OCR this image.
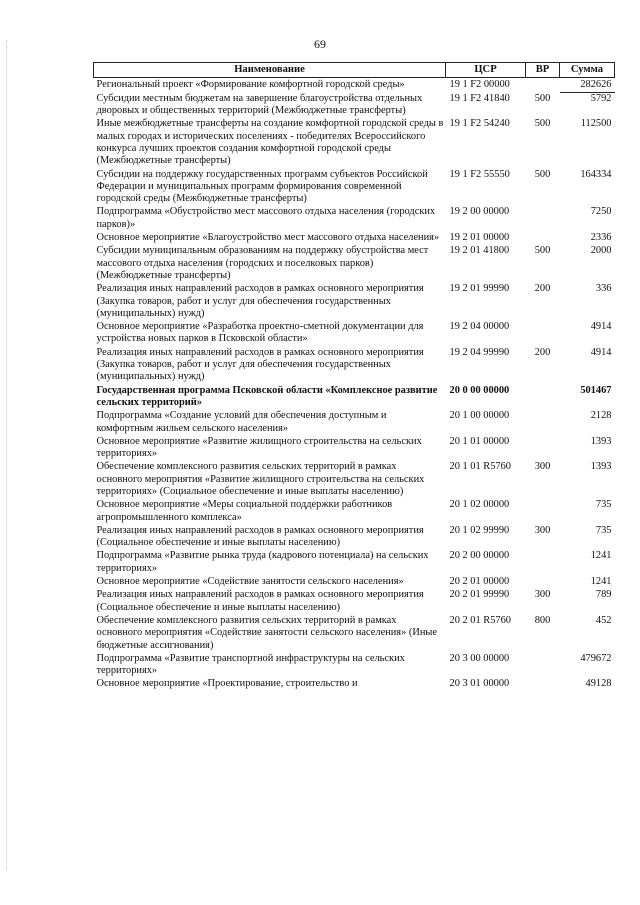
69
Наименование	ЦСР	ВР	Сумма
Региональный проект «Формирование комфортной городской среды»	19 1 F2 00000		282626
Субсидии местным бюджетам на завершение благоустройства отдельных дворовых и общественных территорий (Межбюджетные трансферты)	19 1 F2 41840	500	5792
Иные межбюджетные трансферты на создание комфортной городской среды в малых городах и исторических поселениях - победителях Всероссийского конкурса лучших проектов создания комфортной городской среды (Межбюджетные трансферты)	19 1 F2 54240	500	112500
Субсидии на поддержку государственных программ субъектов Российской Федерации и муниципальных программ формирования современной городской среды (Межбюджетные трансферты)	19 1 F2 55550	500	164334
Подпрограмма «Обустройство мест массового отдыха населения (городских парков)»	19 2 00 00000		7250
Основное мероприятие «Благоустройство мест массового отдыха населения»	19 2 01 00000		2336
Субсидии муниципальным образованиям на поддержку обустройства мест массового отдыха населения (городских и поселковых парков) (Межбюджетные трансферты)	19 2 01 41800	500	2000
Реализация иных направлений расходов в рамках основного мероприятия (Закупка товаров, работ и услуг для обеспечения государственных (муниципальных) нужд)	19 2 01 99990	200	336
Основное мероприятие «Разработка проектно-сметной документации для устройства новых парков в Псковской области»	19 2 04 00000		4914
Реализация иных направлений расходов в рамках основного мероприятия (Закупка товаров, работ и услуг для обеспечения государственных (муниципальных) нужд)	19 2 04 99990	200	4914
Государственная программа Псковской области «Комплексное развитие сельских территорий»	20 0 00 00000		501467
Подпрограмма «Создание условий для обеспечения доступным и комфортным жильем сельского населения»	20 1 00 00000		2128
Основное мероприятие «Развитие жилищного строительства на сельских территориях»	20 1 01 00000		1393
Обеспечение комплексного развития сельских территорий в рамках основного мероприятия «Развитие жилищного строительства на сельских территориях» (Социальное обеспечение и иные выплаты населению)	20 1 01 R5760	300	1393
Основное мероприятие «Меры социальной поддержки работников агропромышленного комплекса»	20 1 02 00000		735
Реализация иных направлений расходов в рамках основного мероприятия (Социальное обеспечение и иные выплаты населению)	20 1 02 99990	300	735
Подпрограмма «Развитие рынка труда (кадрового потенциала) на сельских территориях»	20 2 00 00000		1241
Основное мероприятие «Содействие занятости сельского населения»	20 2 01 00000		1241
Реализация иных направлений расходов в рамках основного мероприятия (Социальное обеспечение и иные выплаты населению)	20 2 01 99990	300	789
Обеспечение комплексного развития сельских территорий в рамках основного мероприятия «Содействие занятости сельского населения» (Иные бюджетные ассигнования)	20 2 01 R5760	800	452
Подпрограмма «Развитие транспортной инфраструктуры на сельских территориях»	20 3 00 00000		479672
Основное мероприятие «Проектирование, строительство и	20 3 01 00000		49128
